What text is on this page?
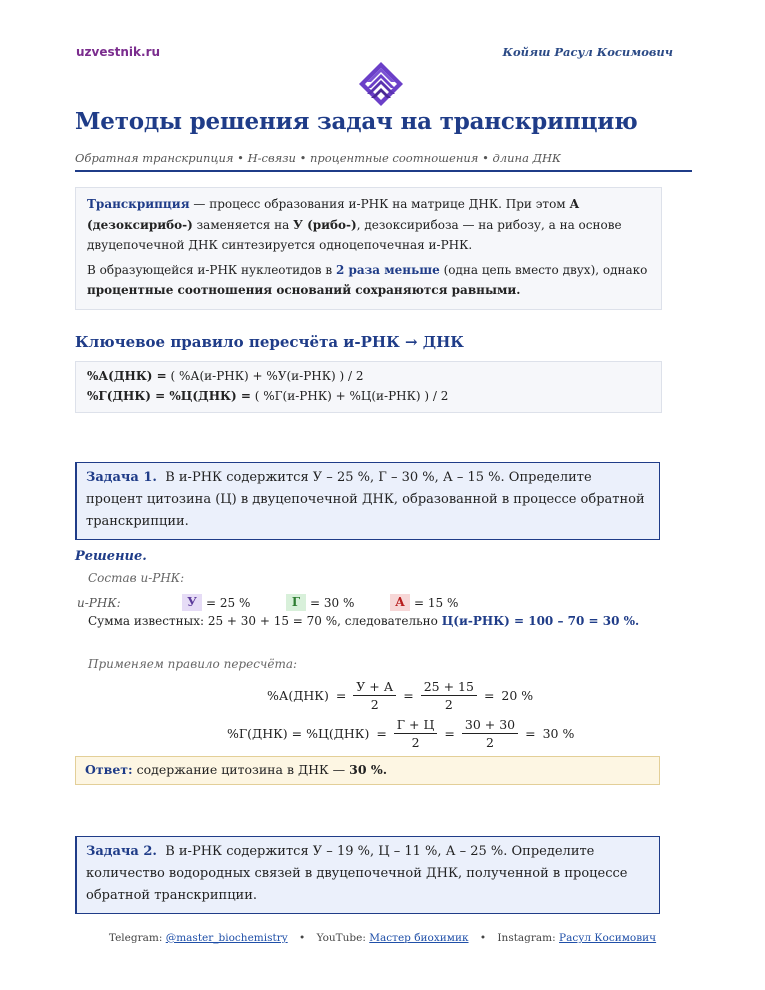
uzvestnik.ru	Койяш Расул Косимович
Методы решения задач на транскрипцию
Обратная транскрипция • Н-связи • процентные соотношения • длина ДНК

Транскрипция — процесс образования и-РНК на матрице ДНК. При этом А (дезоксирибо-) заменяется на У (рибо-), дезоксирибоза — на рибозу, а на основе двуцепочечной ДНК синтезируется одноцепочечная и-РНК.

В образующейся и-РНК нуклеотидов в 2 раза меньше (одна цепь вместо двух), однако процентные соотношения оснований сохраняются равными.

Ключевое правило пересчёта и-РНК → ДНК
%А(ДНК) = ( %А(и-РНК) + %У(и-РНК) ) / 2
%Г(ДНК) = %Ц(ДНК) = ( %Г(и-РНК) + %Ц(и-РНК) ) / 2
Задача 1. В и-РНК содержится У – 25 %, Г – 30 %, А – 15 %. Определите процент цитозина (Ц) в двуцепочечной ДНК, образованной в процессе обратной транскрипции.
Решение.
Состав и-РНК:
и-РНК:	У = 25 %	Г = 30 %	А = 15 %
Сумма известных: 25 + 30 + 15 = 70 %, следовательно Ц(и-РНК) = 100 – 70 = 30 %.
Применяем правило пересчёта:
$\%А(ДНК) = \frac{У + А}{2} = \frac{25 + 15}{2} = 20$ %
$\%Г(ДНК) = \%Ц(ДНК) = \frac{Г + Ц}{2} = \frac{30 + 30}{2} = 30$ %
Ответ: содержание цитозина в ДНК — 30 %.
Задача 2. В и-РНК содержится У – 19 %, Ц – 11 %, А – 25 %. Определите количество водородных связей в двуцепочечной ДНК, полученной в процессе обратной транскрипции.
Telegram: @master_biochemistry • YouTube: Мастер биохимик • Instagram: Расул Косимович
